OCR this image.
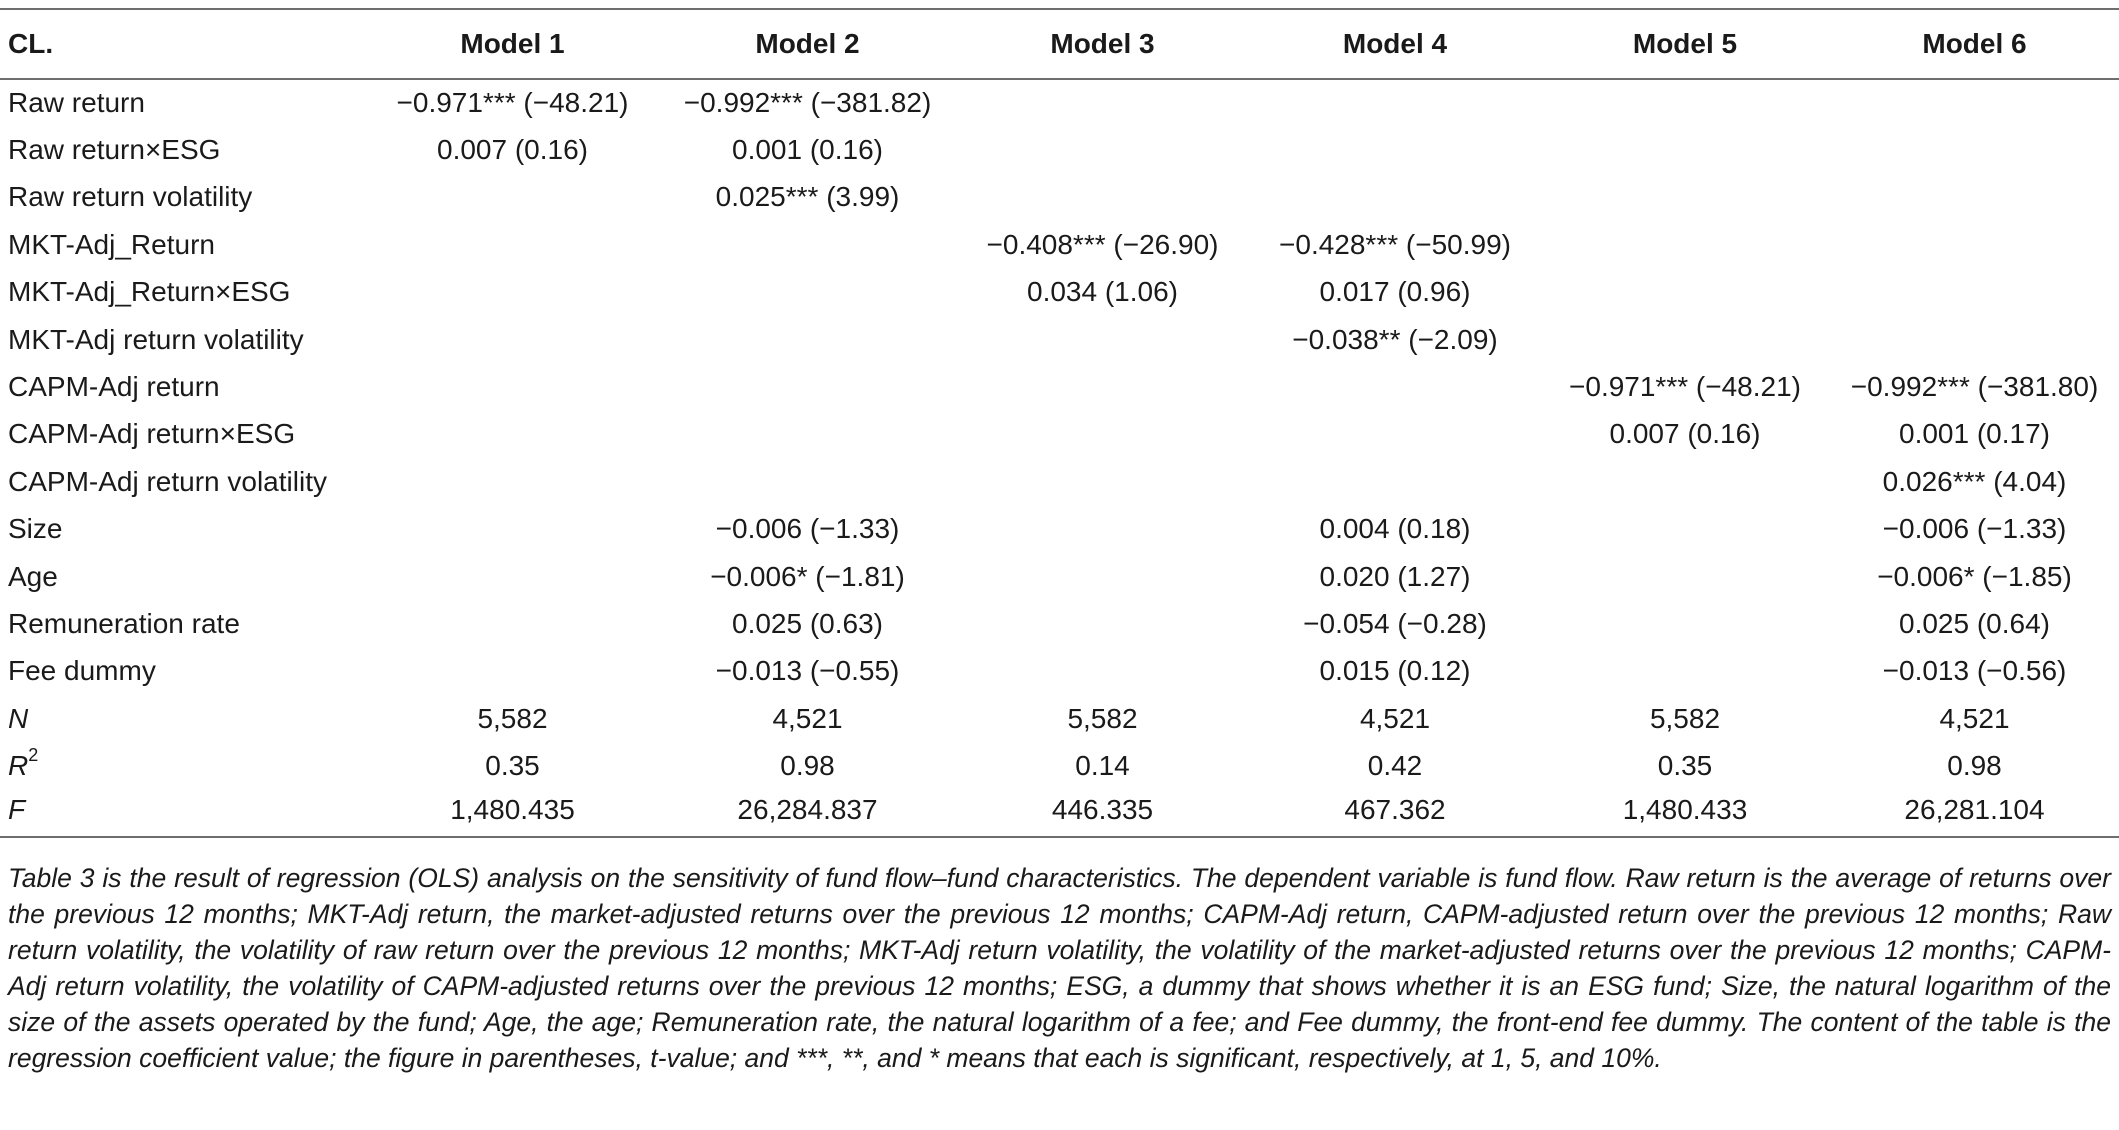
CL.	Model 1	Model 2	Model 3	Model 4	Model 5	Model 6
Raw return	−0.971*** (−48.21)	−0.992*** (−381.82)				
Raw return×ESG	0.007 (0.16)	0.001 (0.16)				
Raw return volatility		0.025*** (3.99)				
MKT-Adj_Return			−0.408*** (−26.90)	−0.428*** (−50.99)		
MKT-Adj_Return×ESG			0.034 (1.06)	0.017 (0.96)		
MKT-Adj return volatility				−0.038** (−2.09)		
CAPM-Adj return					−0.971*** (−48.21)	−0.992*** (−381.80)
CAPM-Adj return×ESG					0.007 (0.16)	0.001 (0.17)
CAPM-Adj return volatility						0.026*** (4.04)
Size		−0.006 (−1.33)		0.004 (0.18)		−0.006 (−1.33)
Age		−0.006* (−1.81)		0.020 (1.27)		−0.006* (−1.85)
Remuneration rate		0.025 (0.63)		−0.054 (−0.28)		0.025 (0.64)
Fee dummy		−0.013 (−0.55)		0.015 (0.12)		−0.013 (−0.56)
N	5,582	4,521	5,582	4,521	5,582	4,521
$R^2$	0.35	0.98	0.14	0.42	0.35	0.98
F	1,480.435	26,284.837	446.335	467.362	1,480.433	26,281.104
Table 3 is the result of regression (OLS) analysis on the sensitivity of fund flow–fund characteristics. The dependent variable is fund flow. Raw return is the average of returns over the previous 12 months; MKT-Adj return, the market-adjusted returns over the previous 12 months; CAPM-Adj return, CAPM-adjusted return over the previous 12 months; Raw return volatility, the volatility of raw return over the previous 12 months; MKT-Adj return volatility, the volatility of the market-adjusted returns over the previous 12 months; CAPM-Adj return volatility, the volatility of CAPM-adjusted returns over the previous 12 months; ESG, a dummy that shows whether it is an ESG fund; Size, the natural logarithm of the size of the assets operated by the fund; Age, the age; Remuneration rate, the natural logarithm of a fee; and Fee dummy, the front-end fee dummy. The content of the table is the regression coefficient value; the figure in parentheses, t-value; and ***, **, and * means that each is significant, respectively, at 1, 5, and 10%.
